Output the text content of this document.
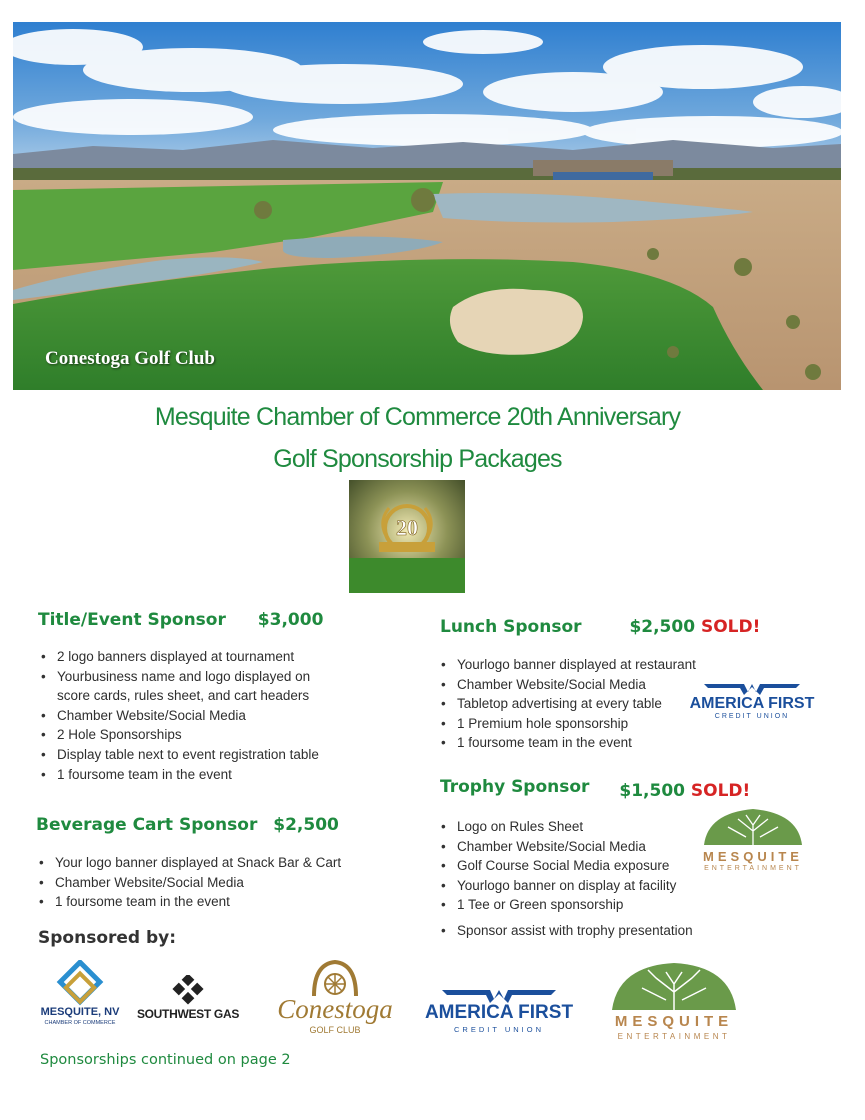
Conestoga Golf Club
Mesquite Chamber of Commerce 20th Anniversary
Golf Sponsorship Packages
20
Title/Event Sponsor $3,000
• 2 logo banners displayed at tournament
• Yourbusiness name and logo displayed on
score cards, rules sheet, and cart headers
• Chamber Website/Social Media
• 2 Hole Sponsorships
• Display table next to event registration table
• 1 foursome team in the event
Beverage Cart Sponsor $2,500
• Your logo banner displayed at Snack Bar & Cart
• Chamber Website/Social Media
• 1 foursome team in the event
Lunch Sponsor	$2,500 SOLD!
• Yourlogo banner displayed at restaurant
• Chamber Website/Social Media
• Tabletop advertising at every table
• 1 Premium hole sponsorship
• 1 foursome team in the event
AMERICA FIRST
CREDIT UNION
Trophy Sponsor $1,500 SOLD!
• Logo on Rules Sheet
• Chamber Website/Social Media
• Golf Course Social Media exposure
• Yourlogo banner on display at facility
• 1 Tee or Green sponsorship
• Sponsor assist with trophy presentation
MESQUITE
ENTERTAINMENT
Sponsored by:
MESQUITE, NV
CHAMBER OF COMMERCE
SOUTHWEST GAS Conestoga
GOLF CLUB
AMERICA FIRST
CREDIT UNION	MESQUITE
ENTERTAINMENT
Sponsorships continued on page 2
